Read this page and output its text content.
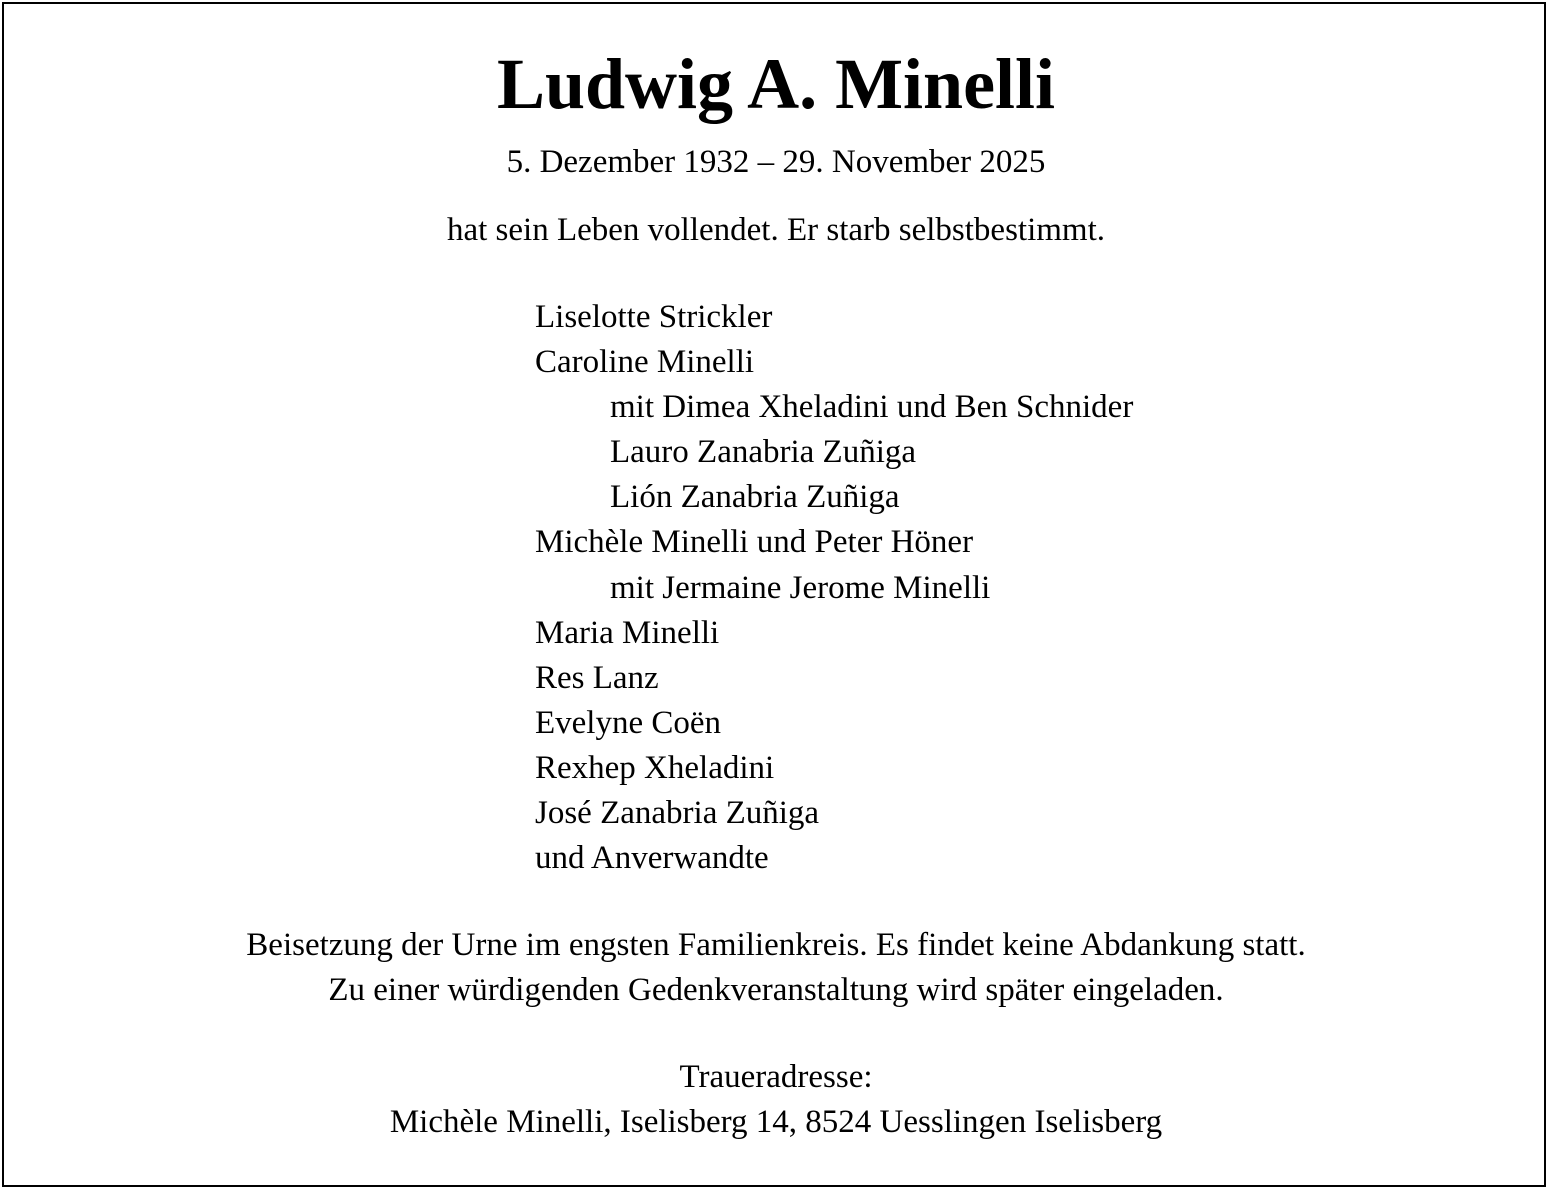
Ludwig A. Minelli

5. Dezember 1932 – 29. November 2025

hat sein Leben vollendet. Er starb selbstbestimmt.

Liselotte Strickler
Caroline Minelli
mit Dimea Xheladini und Ben Schnider
Lauro Zanabria Zuñiga
Lión Zanabria Zuñiga
Michèle Minelli und Peter Höner
mit Jermaine Jerome Minelli
Maria Minelli
Res Lanz
Evelyne Coën
Rexhep Xheladini
José Zanabria Zuñiga
und Anverwandte

Beisetzung der Urne im engsten Familienkreis. Es findet keine Abdankung statt.

Zu einer würdigenden Gedenkveranstaltung wird später eingeladen.

Traueradresse:

Michèle Minelli, Iselisberg 14, 8524 Uesslingen Iselisberg
